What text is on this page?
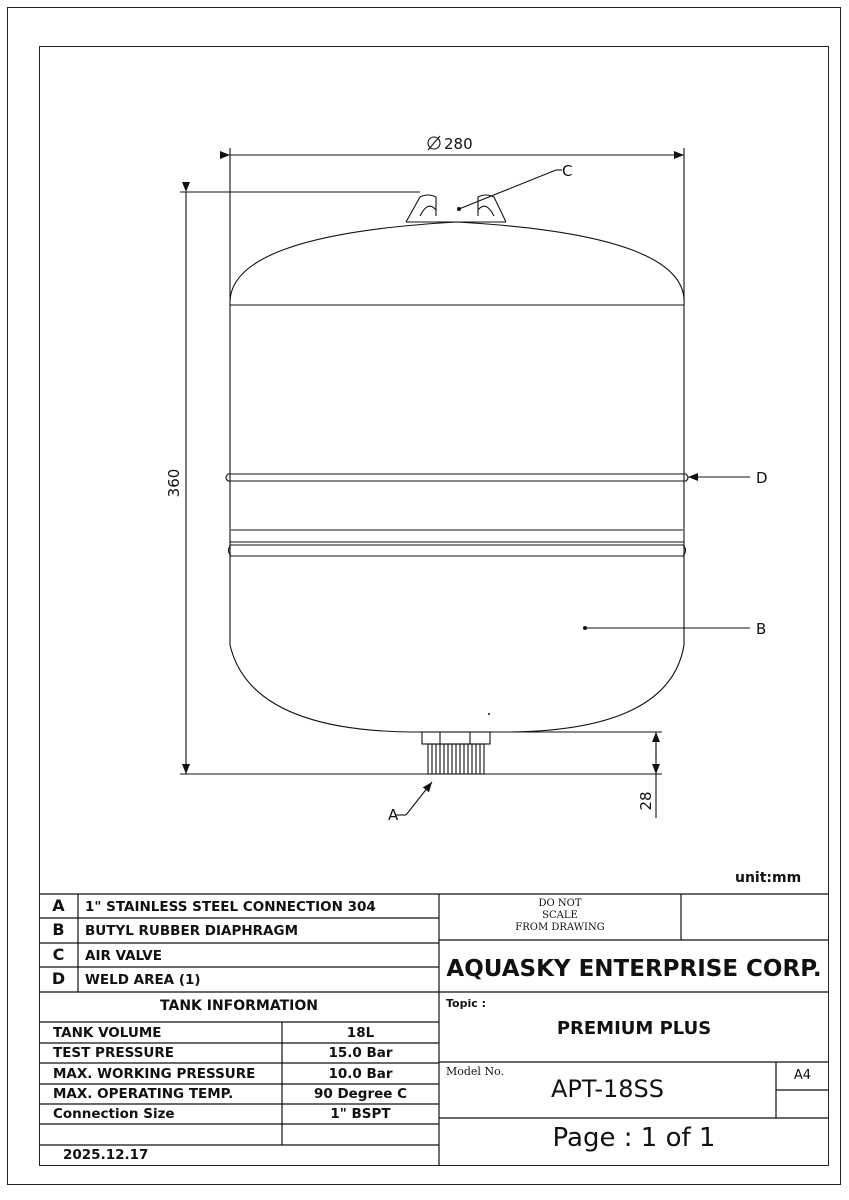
280
360
28
C
D
B
A
unit:mm
A	1" STAINLESS STEEL CONNECTION 304
B	BUTYL RUBBER DIAPHRAGM
C	AIR VALVE
D	WELD AREA (1)
TANK INFORMATION
TANK VOLUME	18L
TEST PRESSURE	15.0 Bar
MAX. WORKING PRESSURE	10.0 Bar
MAX. OPERATING TEMP.	90 Degree C
Connection Size	1" BSPT
2025.12.17
DO NOT
SCALE
FROM DRAWING
AQUASKY ENTERPRISE CORP.
Topic :
PREMIUM PLUS
Model No.
APT-18SS	A4
Page : 1 of 1
